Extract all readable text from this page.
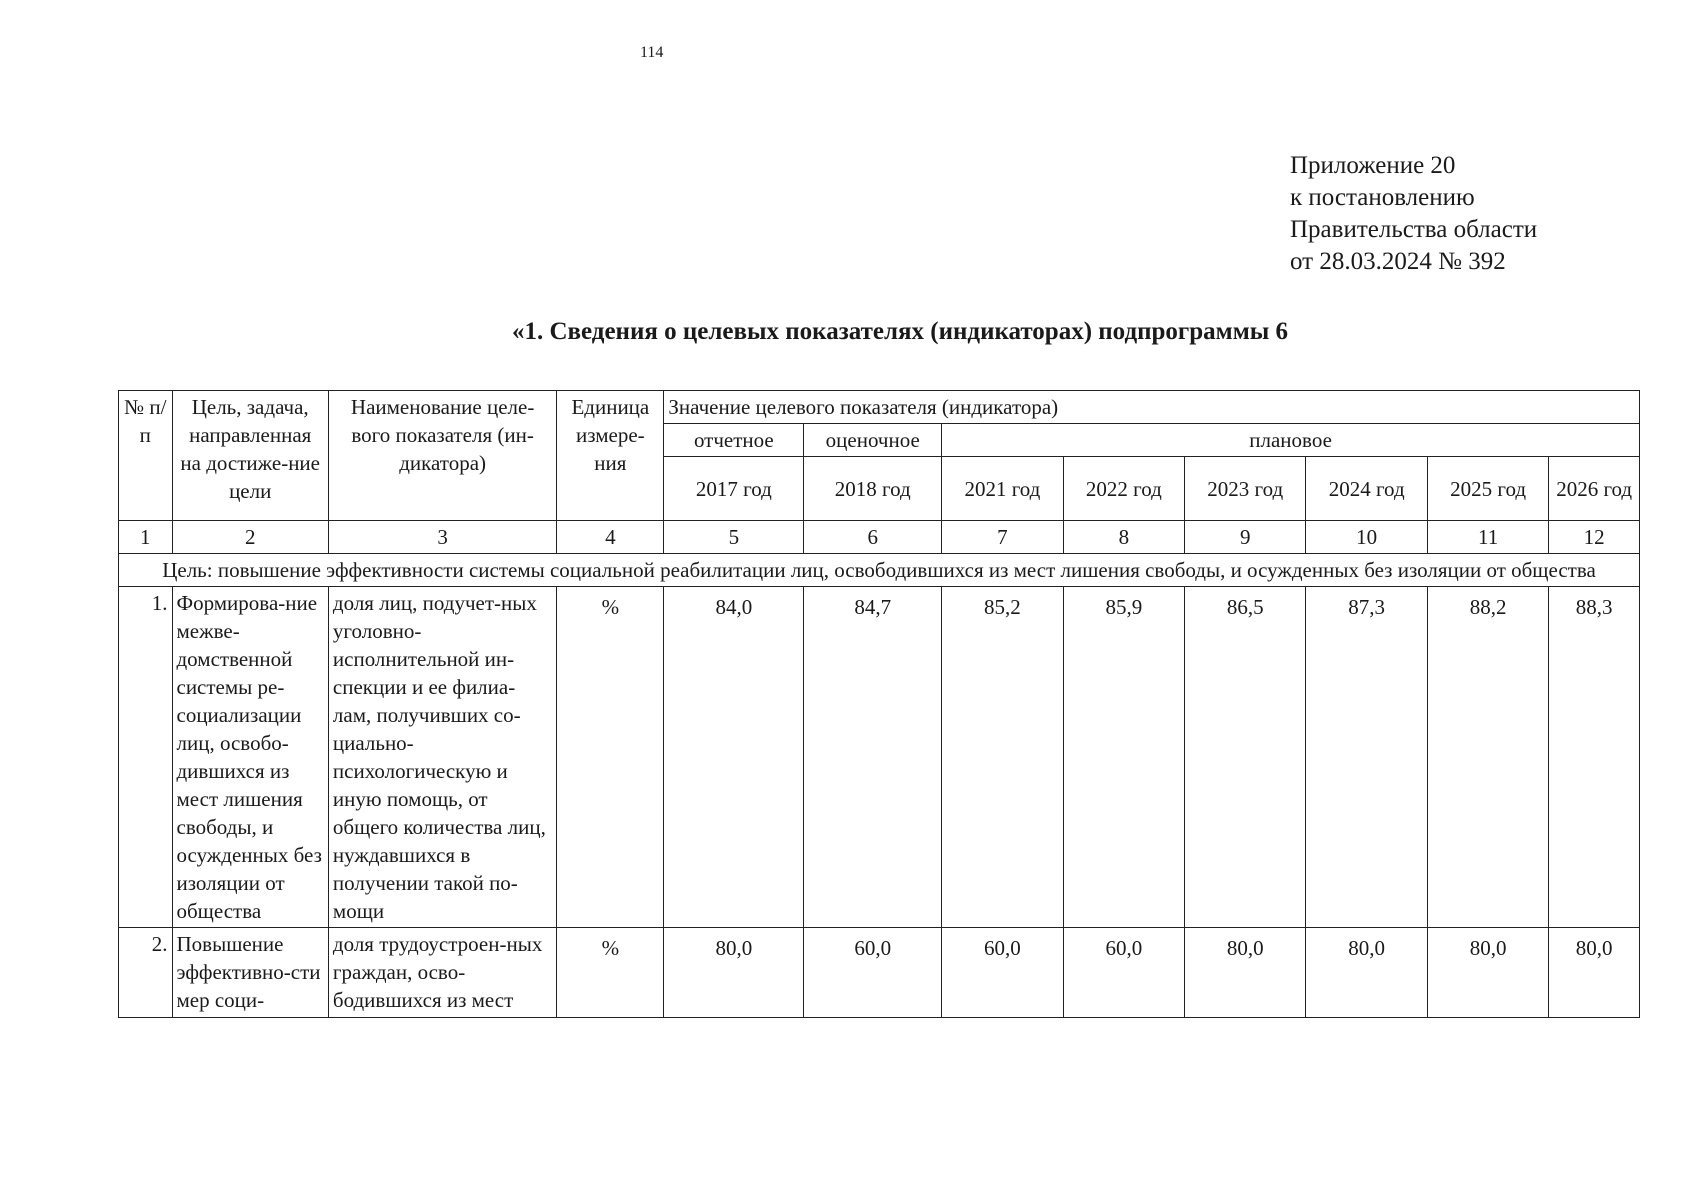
114
Приложение 20
к постановлению
Правительства области
от 28.03.2024 № 392
«1. Сведения о целевых показателях (индикаторах) подпрограммы 6
№ п/п	Цель, задача, направленная на достиже-ние цели	Наименование целе-вого показателя (ин-дикатора)	Единица измере-ния	Значение целевого показателя (индикатора)							
				отчетное	оценочное	плановое					
				2017 год	2018 год	2021 год	2022 год	2023 год	2024 год	2025 год	2026 год
1	2	3	4	5	6	7	8	9	10	11	12
Цель: повышение эффективности системы социальной реабилитации лиц, освободившихся из мест лишения свободы, и осужденных без изоляции от общества											
1.	Формирова-ние межве-домственной системы ре-социализации лиц, освобо-дившихся из мест лишения свободы, и осужденных без изоляции от общества	доля лиц, подучет-ных уголовно-исполнительной ин-спекции и ее филиа-лам, получивших со-циально-психологическую и иную помощь, от общего количества лиц, нуждавшихся в получении такой по-мощи	%	84,0	84,7	85,2	85,9	86,5	87,3	88,2	88,3
2.	Повышение эффективно-сти мер соци-	доля трудоустроен-ных граждан, осво-бодившихся из мест	%	80,0	60,0	60,0	60,0	80,0	80,0	80,0	80,0
